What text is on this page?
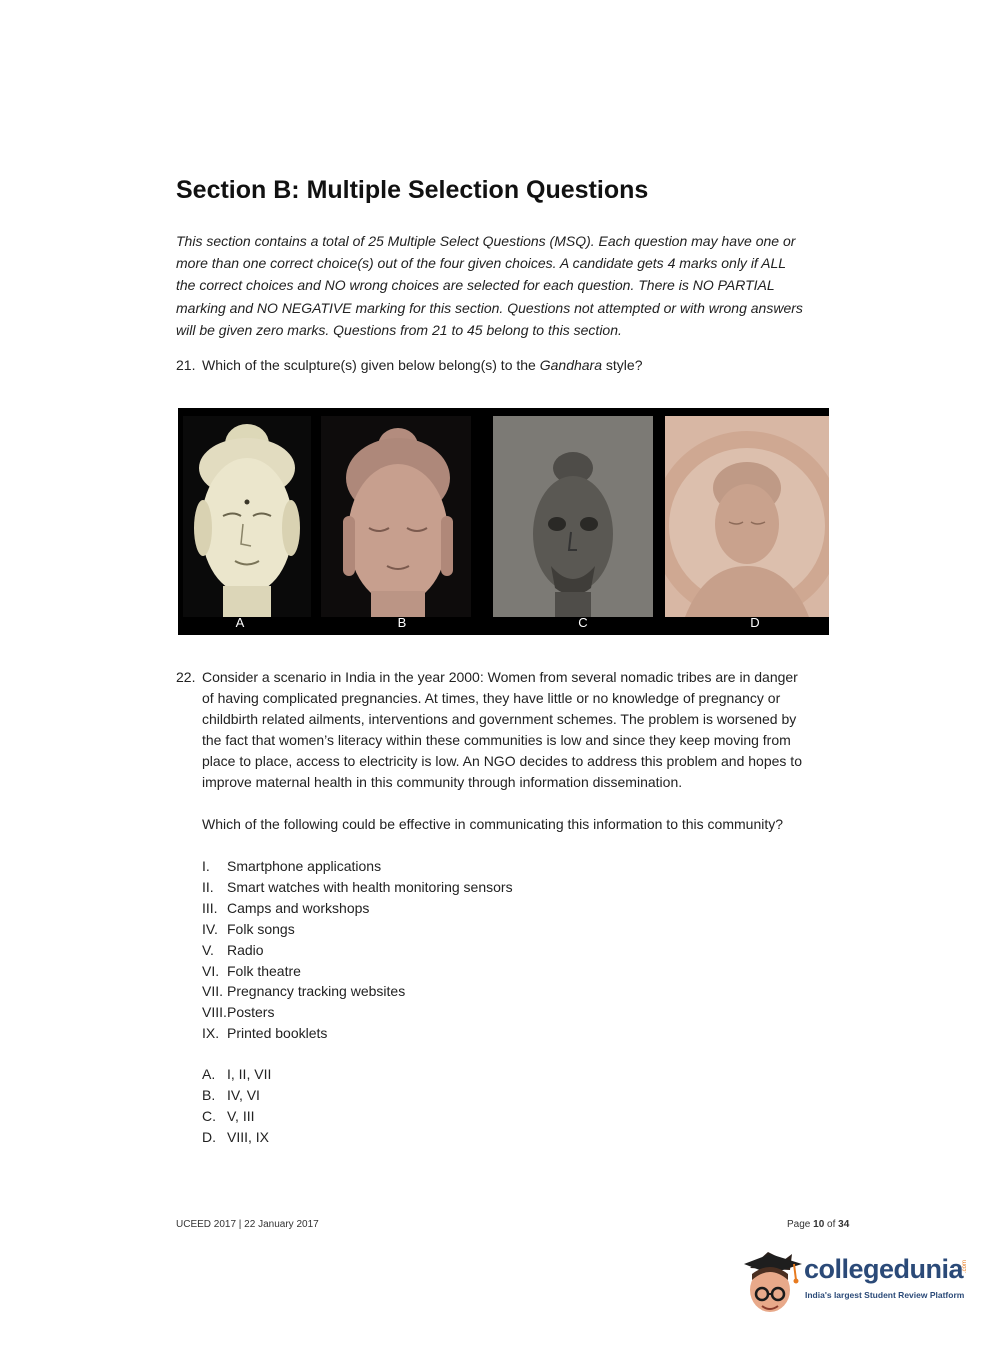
Section B: Multiple Selection Questions
This section contains a total of 25 Multiple Select Questions (MSQ). Each question may have one or
more than one correct choice(s) out of the four given choices. A candidate gets 4 marks only if ALL
the correct choices and NO wrong choices are selected for each question. There is NO PARTIAL
marking and NO NEGATIVE marking for this section. Questions not attempted or with wrong answers
will be given zero marks. Questions from 21 to 45 belong to this section.
21. Which of the sculpture(s) given below belong(s) to the Gandhara style?
A	B	C	D
22. Consider a scenario in India in the year 2000: Women from several nomadic tribes are in danger
of having complicated pregnancies. At times, they have little or no knowledge of pregnancy or
childbirth related ailments, interventions and government schemes. The problem is worsened by
the fact that women’s literacy within these communities is low and since they keep moving from
place to place, access to electricity is low. An NGO decides to address this problem and hopes to
improve maternal health in this community through information dissemination.
Which of the following could be effective in communicating this information to this community?
I. Smartphone applications
II. Smart watches with health monitoring sensors
III. Camps and workshops
IV. Folk songs
V. Radio
VI. Folk theatre
VII. Pregnancy tracking websites
VIII.Posters
IX. Printed booklets
A. I, II, VII
B. IV, VI
C. V, III
D. VIII, IX
UCEED 2017 | 22 January 2017	Page 10 of 34
collegedunia
.com
India's largest Student Review Platform
